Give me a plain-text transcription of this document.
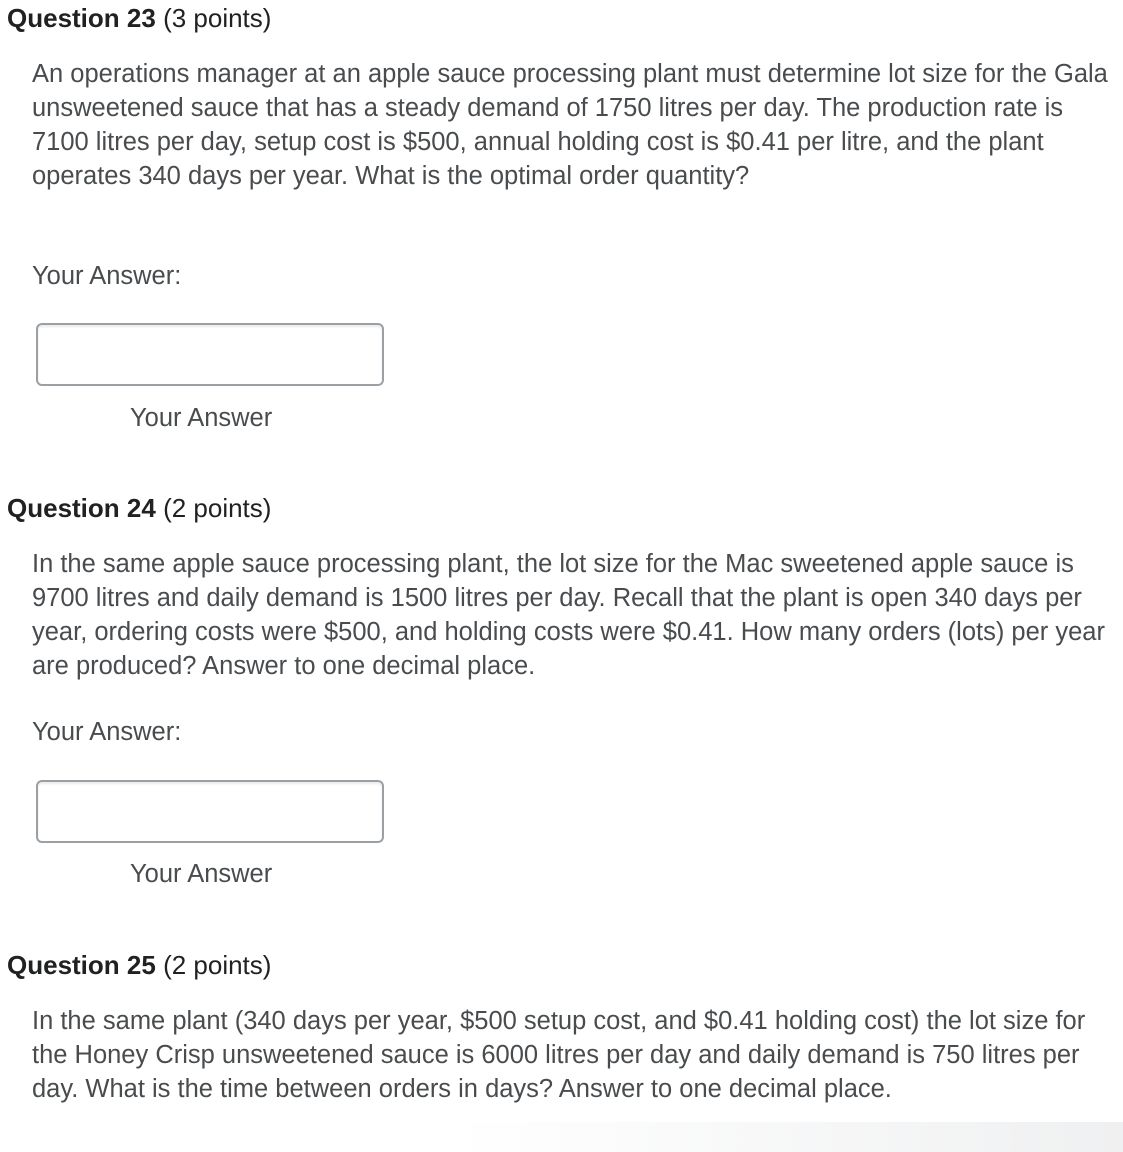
Question 23 (3 points)
An operations manager at an apple sauce processing plant must determine lot size for the Gala unsweetened sauce that has a steady demand of 1750 litres per day. The production rate is 7100 litres per day, setup cost is $500, annual holding cost is $0.41 per litre, and the plant operates 340 days per year. What is the optimal order quantity?
Your Answer:
Your Answer
Question 24 (2 points)
In the same apple sauce processing plant, the lot size for the Mac sweetened apple sauce is 9700 litres and daily demand is 1500 litres per day. Recall that the plant is open 340 days per year, ordering costs were $500, and holding costs were $0.41. How many orders (lots) per year are produced? Answer to one decimal place.
Your Answer:
Your Answer
Question 25 (2 points)
In the same plant (340 days per year, $500 setup cost, and $0.41 holding cost) the lot size for the Honey Crisp unsweetened sauce is 6000 litres per day and daily demand is 750 litres per day. What is the time between orders in days? Answer to one decimal place.
